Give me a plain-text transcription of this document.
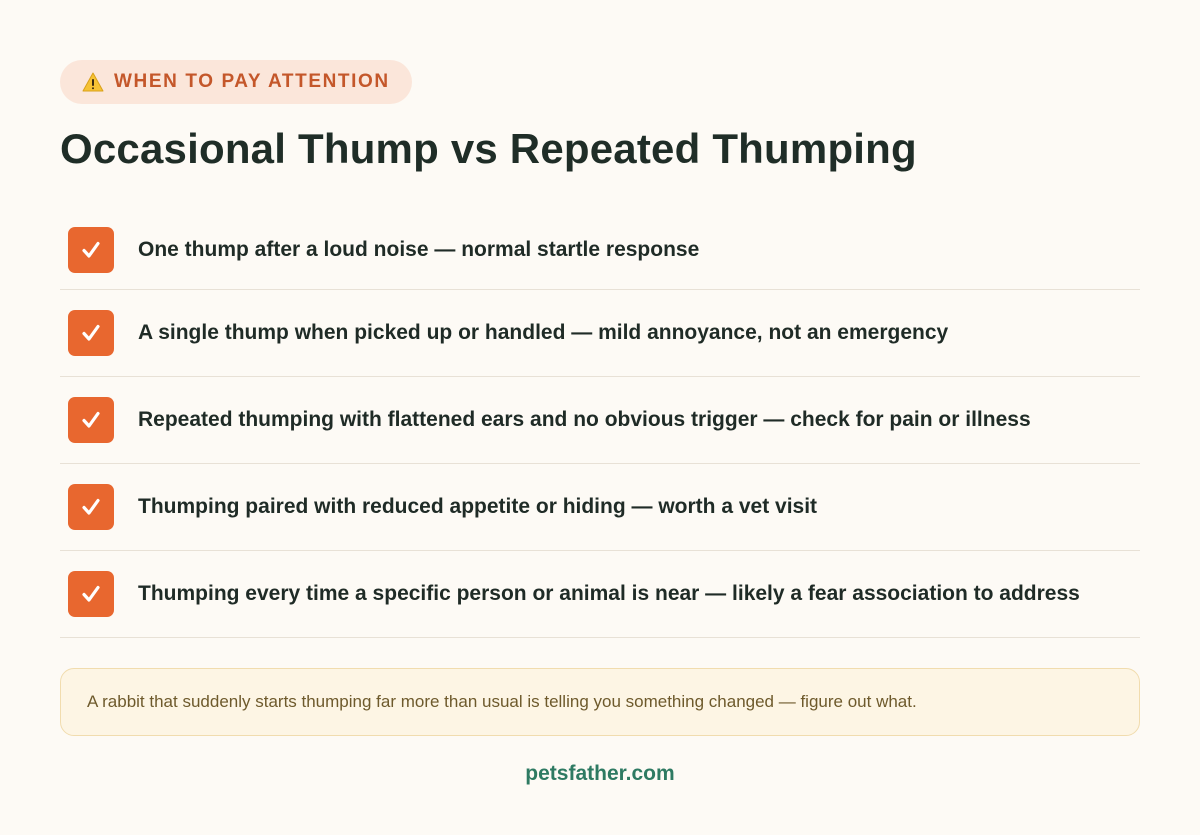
WHEN TO PAY ATTENTION
Occasional Thump vs Repeated Thumping
One thump after a loud noise — normal startle response
A single thump when picked up or handled — mild annoyance, not an emergency
Repeated thumping with flattened ears and no obvious trigger — check for pain or illness
Thumping paired with reduced appetite or hiding — worth a vet visit
Thumping every time a specific person or animal is near — likely a fear association to address
A rabbit that suddenly starts thumping far more than usual is telling you something changed — figure out what.
petsfather.com
